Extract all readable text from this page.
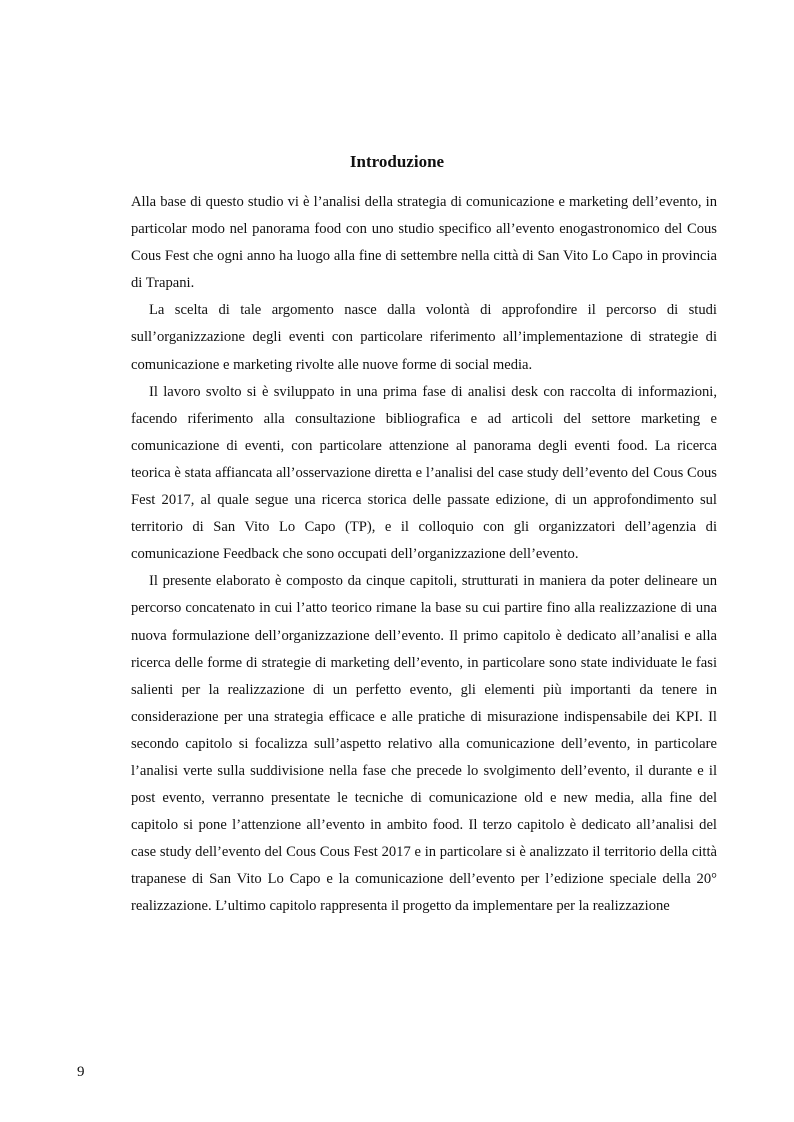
Introduzione

Alla base di questo studio vi è l’analisi della strategia di comunicazione e marketing dell’evento, in particolar modo nel panorama food con uno studio specifico all’evento enogastronomico del Cous Cous Fest che ogni anno ha luogo alla fine di settembre nella città di San Vito Lo Capo in provincia di Trapani.

La scelta di tale argomento nasce dalla volontà di approfondire il percorso di studi sull’organizzazione degli eventi con particolare riferimento all’implementazione di strategie di comunicazione e marketing rivolte alle nuove forme di social media.

Il lavoro svolto si è sviluppato in una prima fase di analisi desk con raccolta di informazioni, facendo riferimento alla consultazione bibliografica e ad articoli del settore marketing e comunicazione di eventi, con particolare attenzione al panorama degli eventi food. La ricerca teorica è stata affiancata all’osservazione diretta e l’analisi del case study dell’evento del Cous Cous Fest 2017, al quale segue una ricerca storica delle passate edizione, di un approfondimento sul territorio di San Vito Lo Capo (TP), e il colloquio con gli organizzatori dell’agenzia di comunicazione Feedback che sono occupati dell’organizzazione dell’evento.

Il presente elaborato è composto da cinque capitoli, strutturati in maniera da poter delineare un percorso concatenato in cui l’atto teorico rimane la base su cui partire fino alla realizzazione di una nuova formulazione dell’organizzazione dell’evento. Il primo capitolo è dedicato all’analisi e alla ricerca delle forme di strategie di marketing dell’evento, in particolare sono state individuate le fasi salienti per la realizzazione di un perfetto evento, gli elementi più importanti da tenere in considerazione per una strategia efficace e alle pratiche di misurazione indispensabile dei KPI. Il secondo capitolo si focalizza sull’aspetto relativo alla comunicazione dell’evento, in particolare l’analisi verte sulla suddivisione nella fase che precede lo svolgimento dell’evento, il durante e il post evento, verranno presentate le tecniche di comunicazione old e new media, alla fine del capitolo si pone l’attenzione all’evento in ambito food. Il terzo capitolo è dedicato all’analisi del case study dell’evento del Cous Cous Fest 2017 e in particolare si è analizzato il territorio della città trapanese di San Vito Lo Capo e la comunicazione dell’evento per l’edizione speciale della 20° realizzazione. L’ultimo capitolo rappresenta il progetto da implementare per la realizzazione

9
